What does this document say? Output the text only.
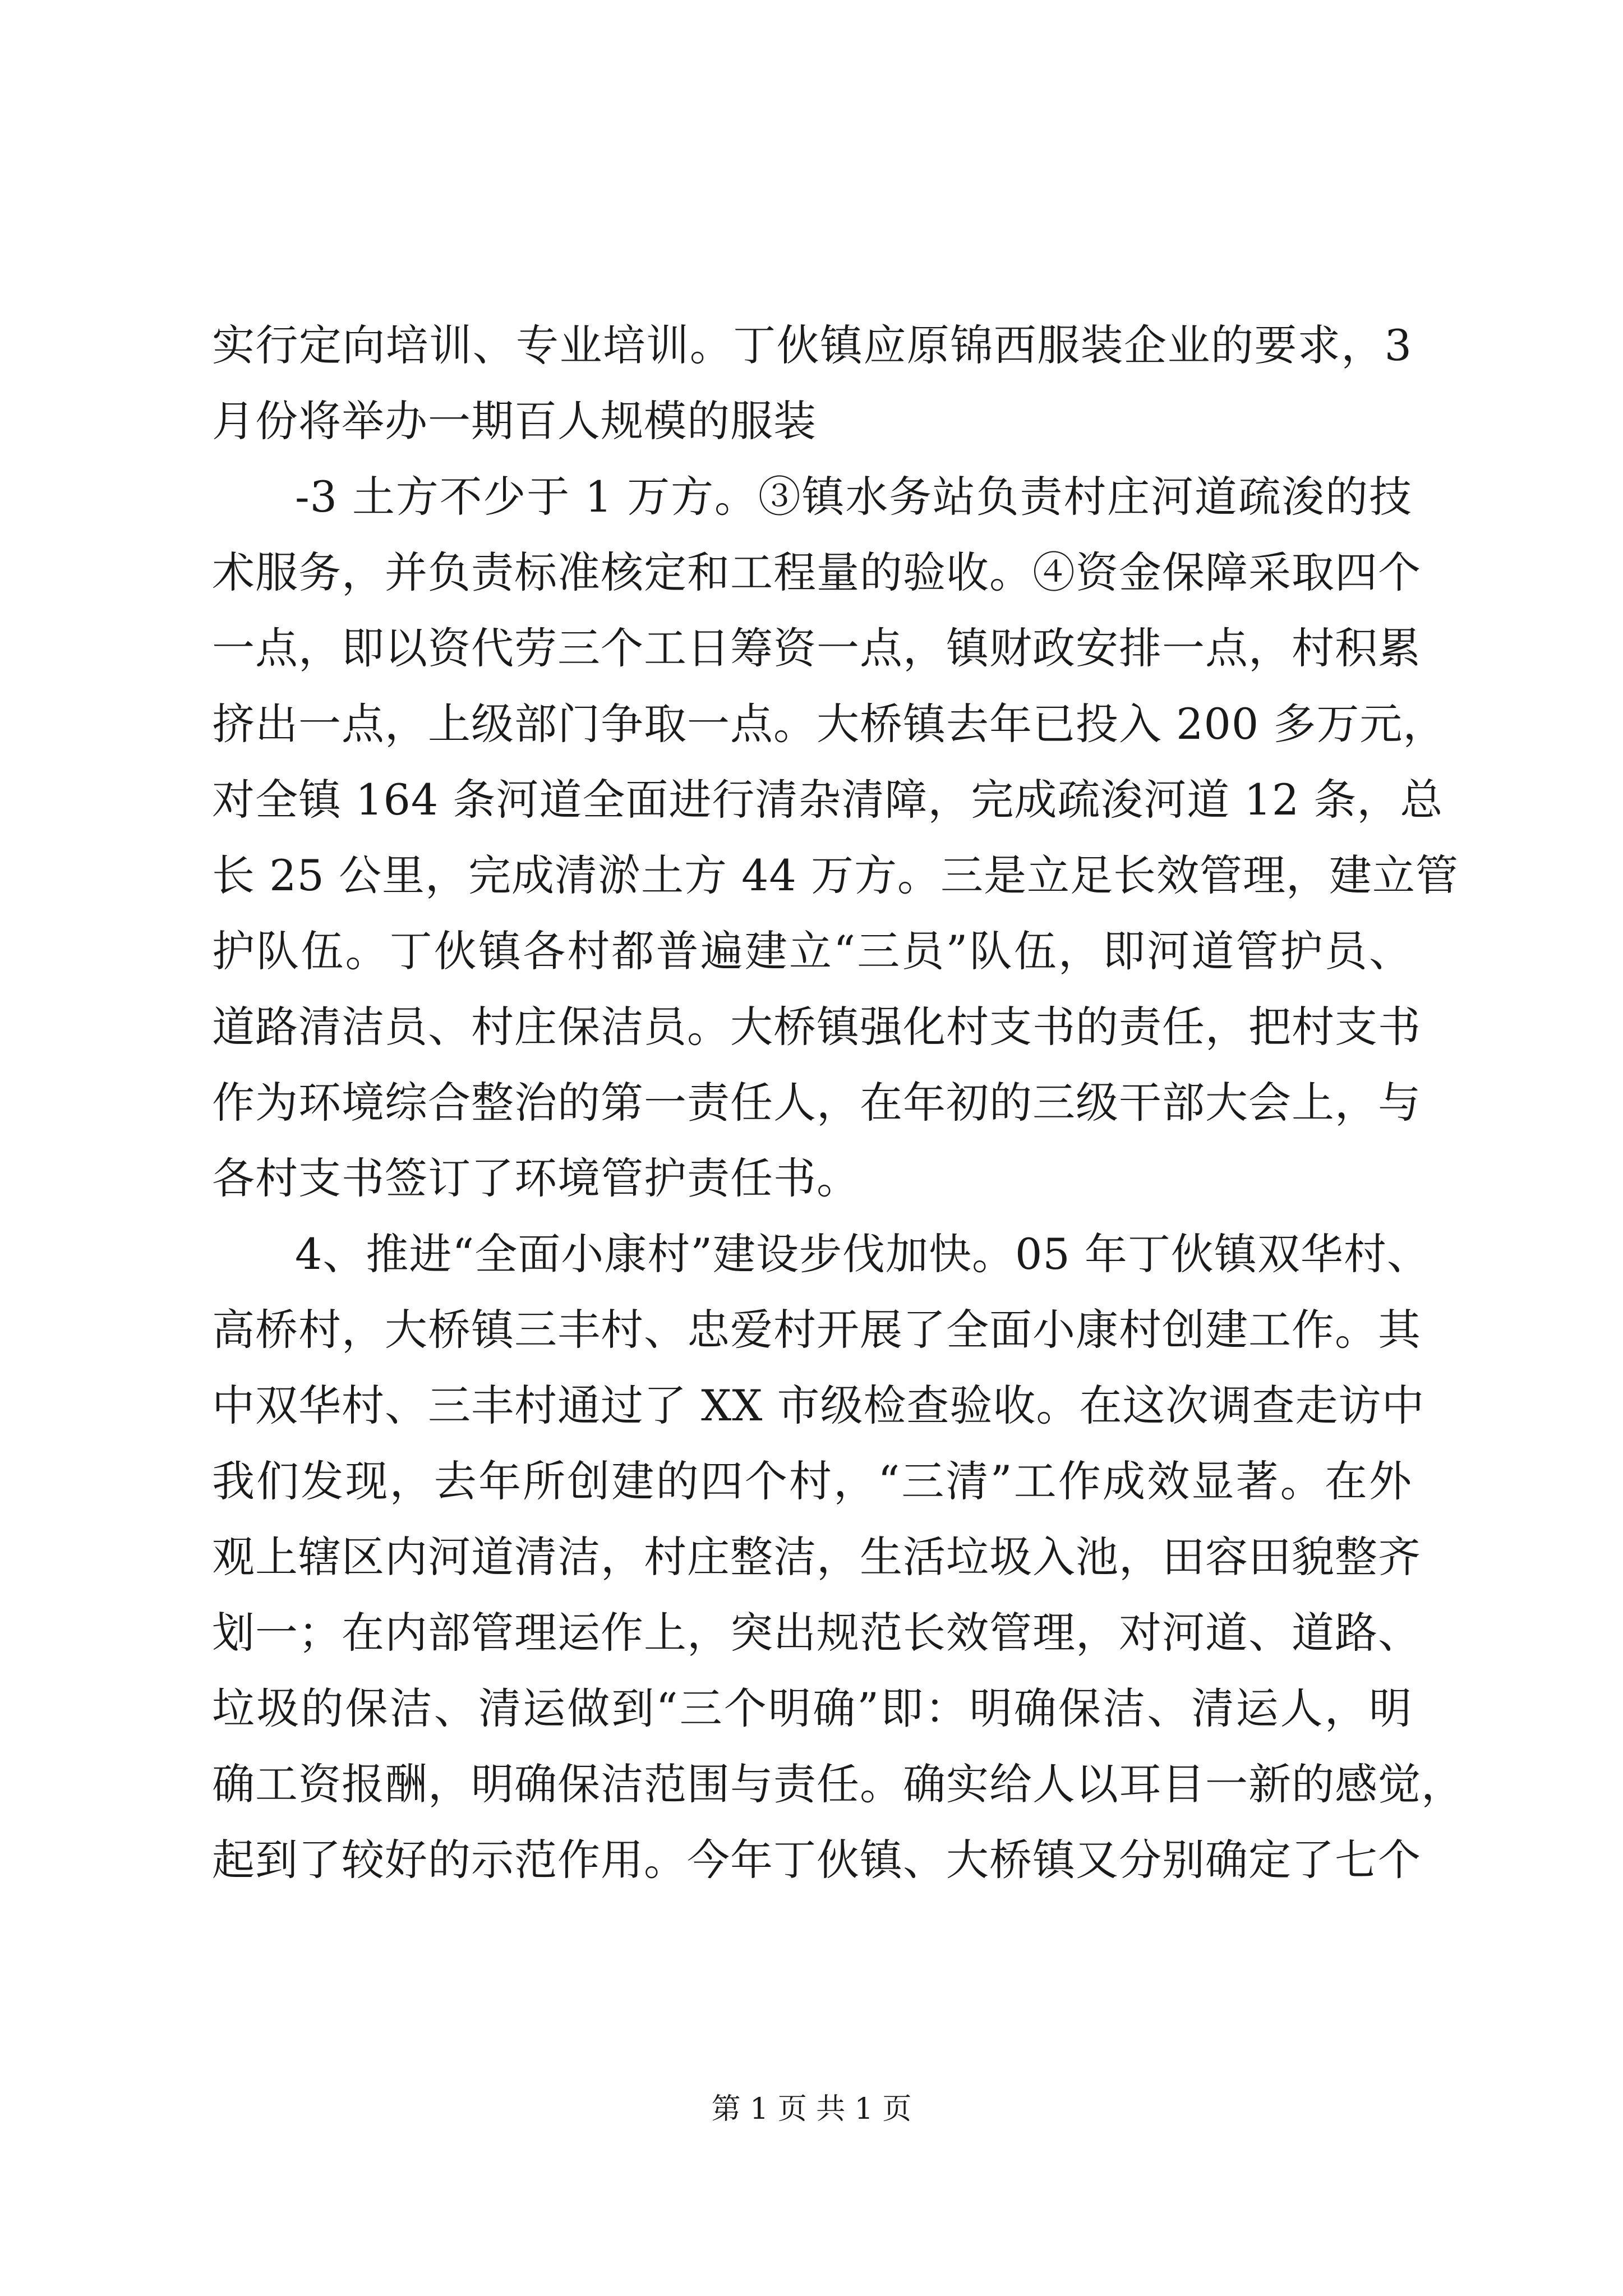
实行定向培训、专业培训。丁伙镇应原锦西服装企业的要求，3
月份将举办一期百人规模的服装
-3 土方不少于 1 万方。③镇水务站负责村庄河道疏浚的技
术服务，并负责标准核定和工程量的验收。④资金保障采取四个
一点，即以资代劳三个工日筹资一点，镇财政安排一点，村积累
挤出一点，上级部门争取一点。大桥镇去年已投入 200 多万元，
对全镇 164 条河道全面进行清杂清障，完成疏浚河道 12 条，总
长 25 公里，完成清淤土方 44 万方。三是立足长效管理，建立管
护队伍。丁伙镇各村都普遍建立“三员”队伍，即河道管护员、
道路清洁员、村庄保洁员。大桥镇强化村支书的责任，把村支书
作为环境综合整治的第一责任人，在年初的三级干部大会上，与
各村支书签订了环境管护责任书。
4、推进“全面小康村”建设步伐加快。05 年丁伙镇双华村、
高桥村，大桥镇三丰村、忠爱村开展了全面小康村创建工作。其
中双华村、三丰村通过了 XX 市级检查验收。在这次调查走访中
我们发现，去年所创建的四个村，“三清”工作成效显著。在外
观上辖区内河道清洁，村庄整洁，生活垃圾入池，田容田貌整齐
划一；在内部管理运作上，突出规范长效管理，对河道、道路、
垃圾的保洁、清运做到“三个明确”即：明确保洁、清运人，明
确工资报酬，明确保洁范围与责任。确实给人以耳目一新的感觉，
起到了较好的示范作用。今年丁伙镇、大桥镇又分别确定了七个
第 1 页 共 1 页
